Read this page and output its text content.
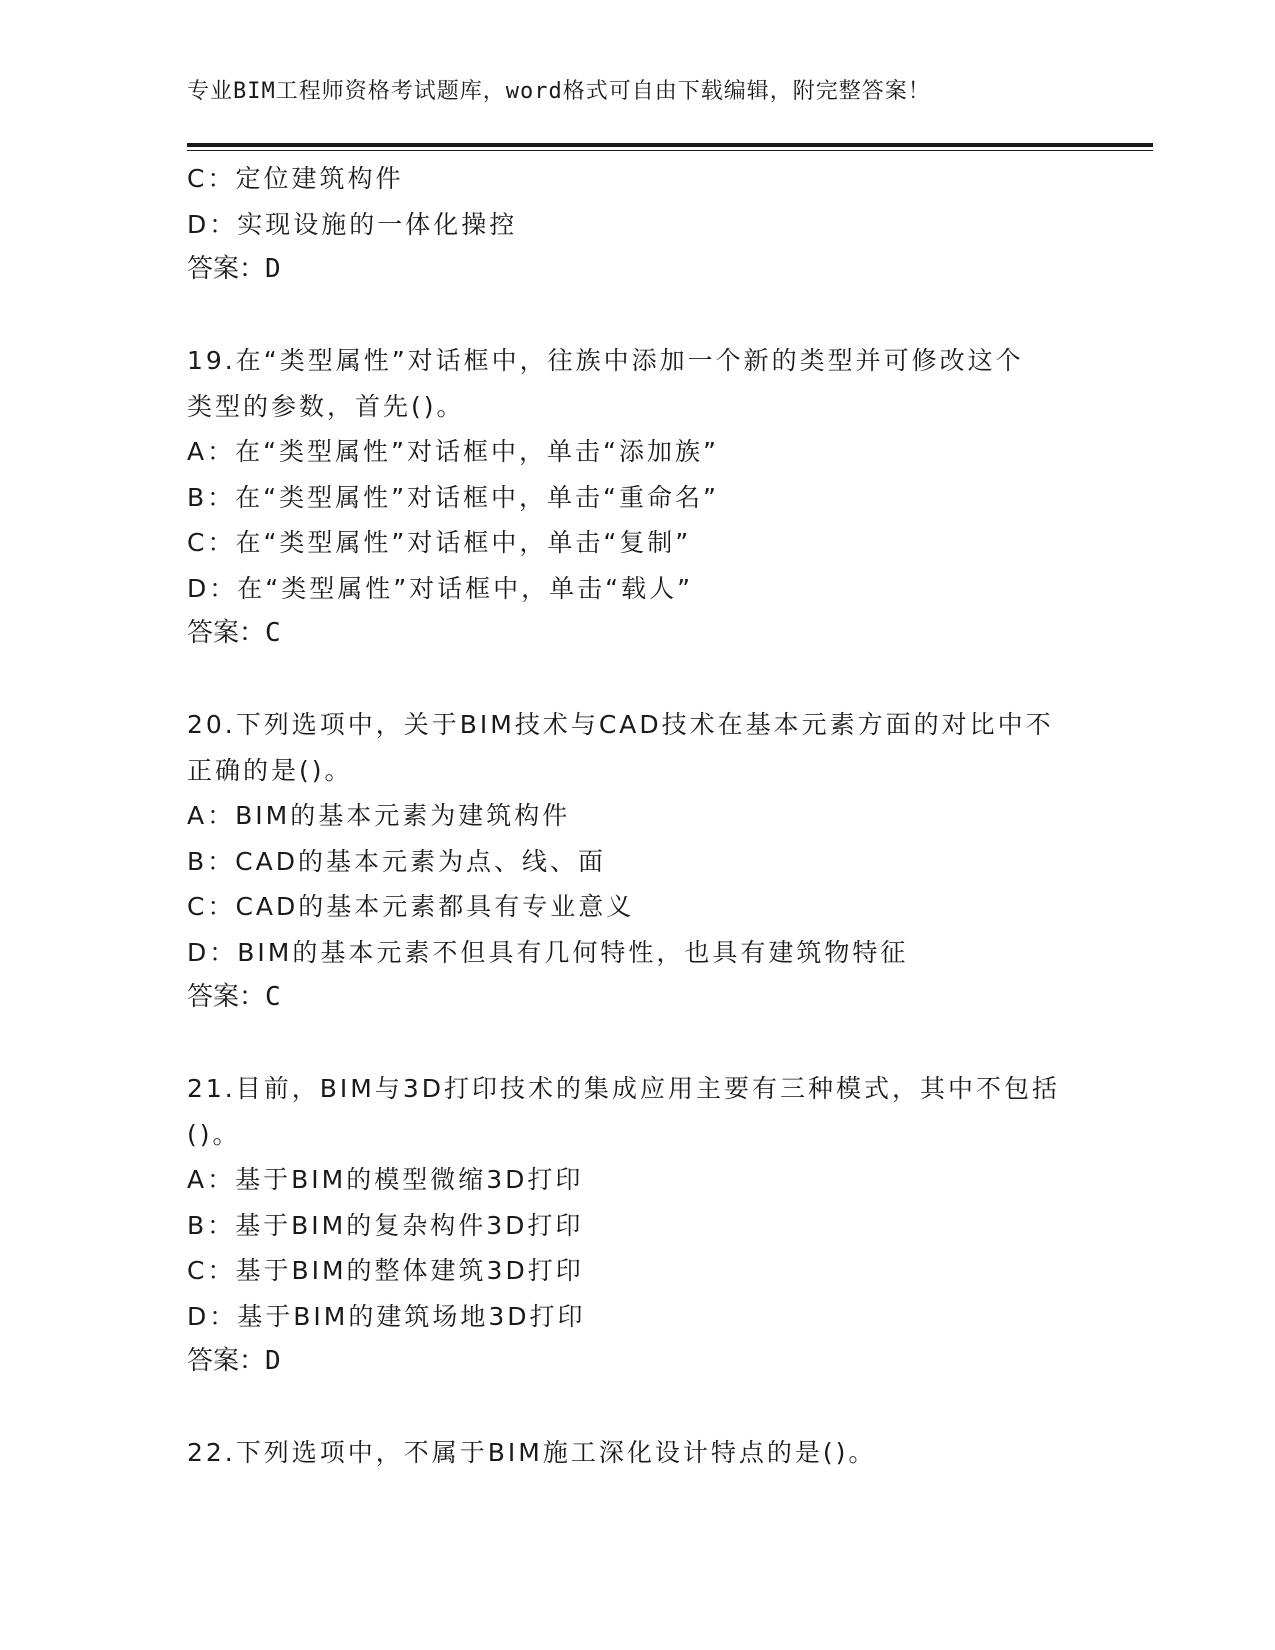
专业BIM工程师资格考试题库，word格式可自由下载编辑，附完整答案！
C：定位建筑构件
D：实现设施的一体化操控
答案：D
19.在“类型属性”对话框中，往族中添加一个新的类型并可修改这个
类型的参数，首先()。
A：在“类型属性”对话框中，单击“添加族”
B：在“类型属性”对话框中，单击“重命名”
C：在“类型属性”对话框中，单击“复制”
D：在“类型属性”对话框中，单击“载人”
答案：C
20.下列选项中，关于BIM技术与CAD技术在基本元素方面的对比中不
正确的是()。
A：BIM的基本元素为建筑构件
B：CAD的基本元素为点、线、面
C：CAD的基本元素都具有专业意义
D：BIM的基本元素不但具有几何特性，也具有建筑物特征
答案：C
21.目前，BIM与3D打印技术的集成应用主要有三种模式，其中不包括
()。
A：基于BIM的模型微缩3D打印
B：基于BIM的复杂构件3D打印
C：基于BIM的整体建筑3D打印
D：基于BIM的建筑场地3D打印
答案：D
22.下列选项中，不属于BIM施工深化设计特点的是()。
